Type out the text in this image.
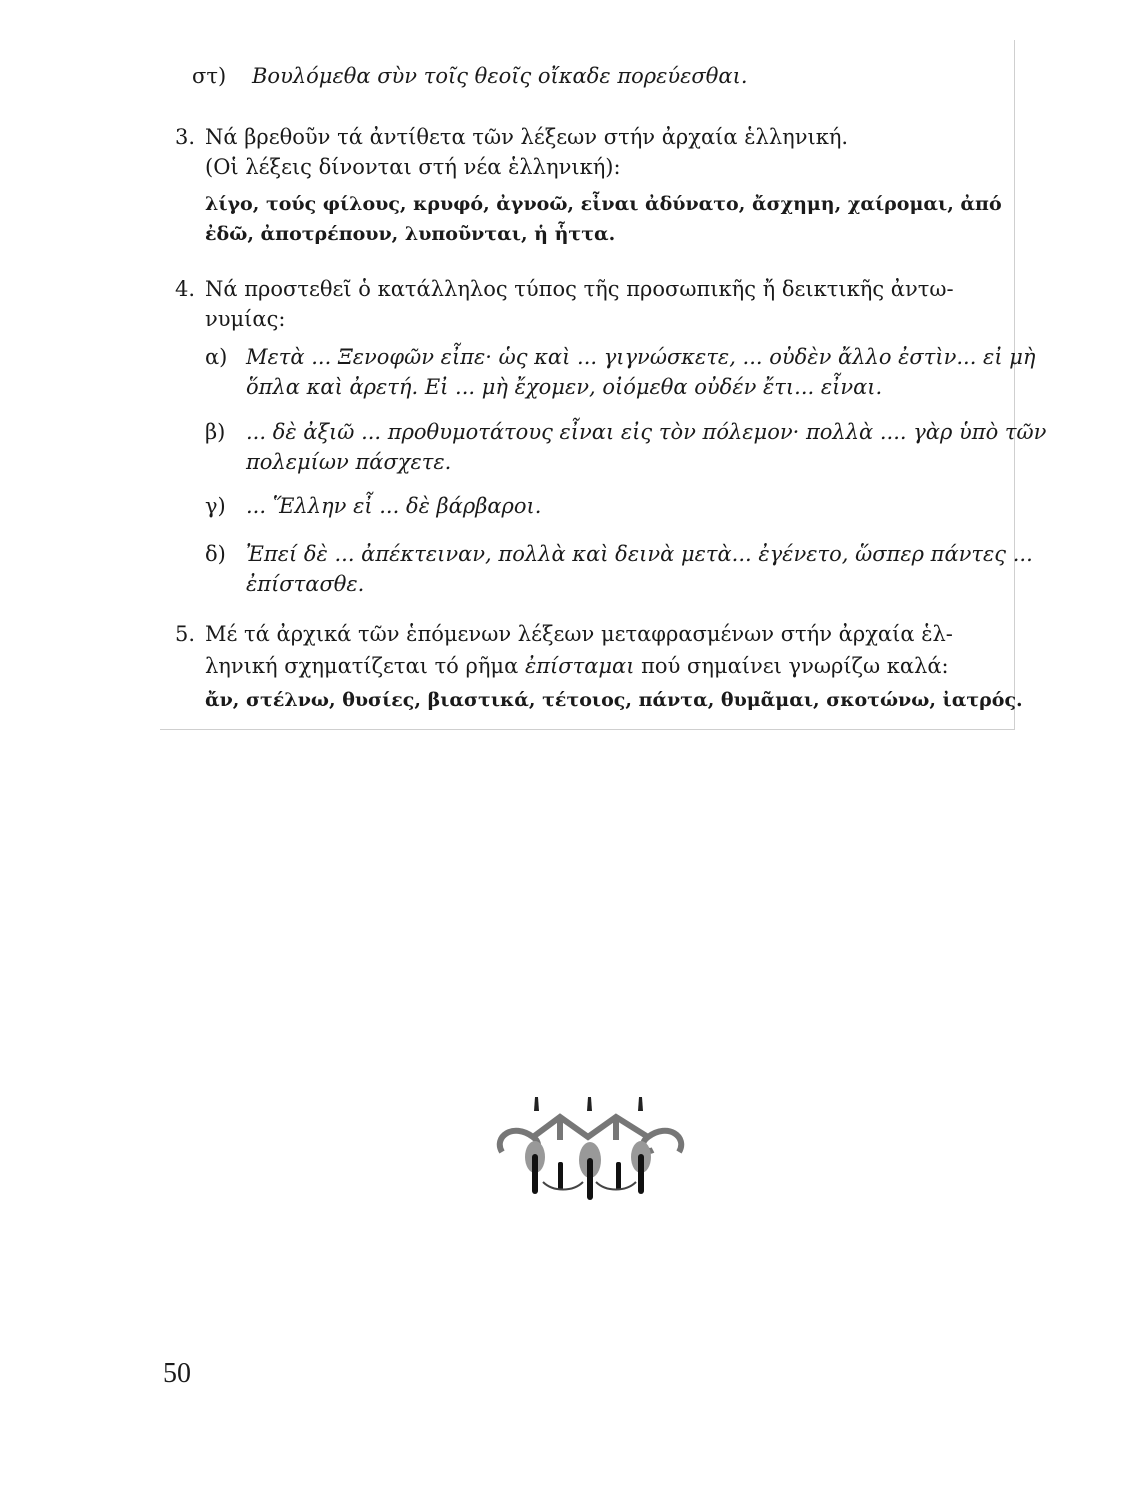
στ) Βουλόμεθα σὺν τοῖς θεοῖς οἴκαδε πορεύεσθαι.
3. Νά βρεθοῦν τά ἀντίθετα τῶν λέξεων στήν ἀρχαία ἑλληνική.
(Οἱ λέξεις δίνονται στή νέα ἑλληνική):
λίγο, τούς φίλους, κρυφό, ἀγνοῶ, εἶναι ἀδύνατο, ἄσχημη, χαίρομαι, ἀπό
ἐδῶ, ἀποτρέπουν, λυποῦνται, ἡ ἧττα.
4. Νά προστεθεῖ ὁ κατάλληλος τύπος τῆς προσωπικῆς ἤ δεικτικῆς ἀντω-
νυμίας:
α) Μετὰ ... Ξενοφῶν εἶπε· ὡς καὶ ... γιγνώσκετε, ... οὐδὲν ἄλλο ἐστὶν... εἰ μὴ
ὅπλα καὶ ἀρετή. Εἰ ... μὴ ἔχομεν, οἰόμεθα οὐδέν ἔτι... εἶναι.
β) ... δὲ ἀξιῶ ... προθυμοτάτους εἶναι εἰς τὸν πόλεμον· πολλὰ .... γὰρ ὑπὸ τῶν
πολεμίων πάσχετε.
γ) ... Ἕλλην εἶ ... δὲ βάρβαροι.
δ) Ἐπεί δὲ ... ἀπέκτειναν, πολλὰ καὶ δεινὰ μετὰ... ἐγένετο, ὥσπερ πάντες ...
ἐπίστασθε.
5. Μέ τά ἀρχικά τῶν ἑπόμενων λέξεων μεταφρασμένων στήν ἀρχαία ἑλ-
ληνική σχηματίζεται τό ρῆμα ἐπίσταμαι πού σημαίνει γνωρίζω καλά:
ἄν, στέλνω, θυσίες, βιαστικά, τέτοιος, πάντα, θυμᾶμαι, σκοτώνω, ἰατρός.
50
